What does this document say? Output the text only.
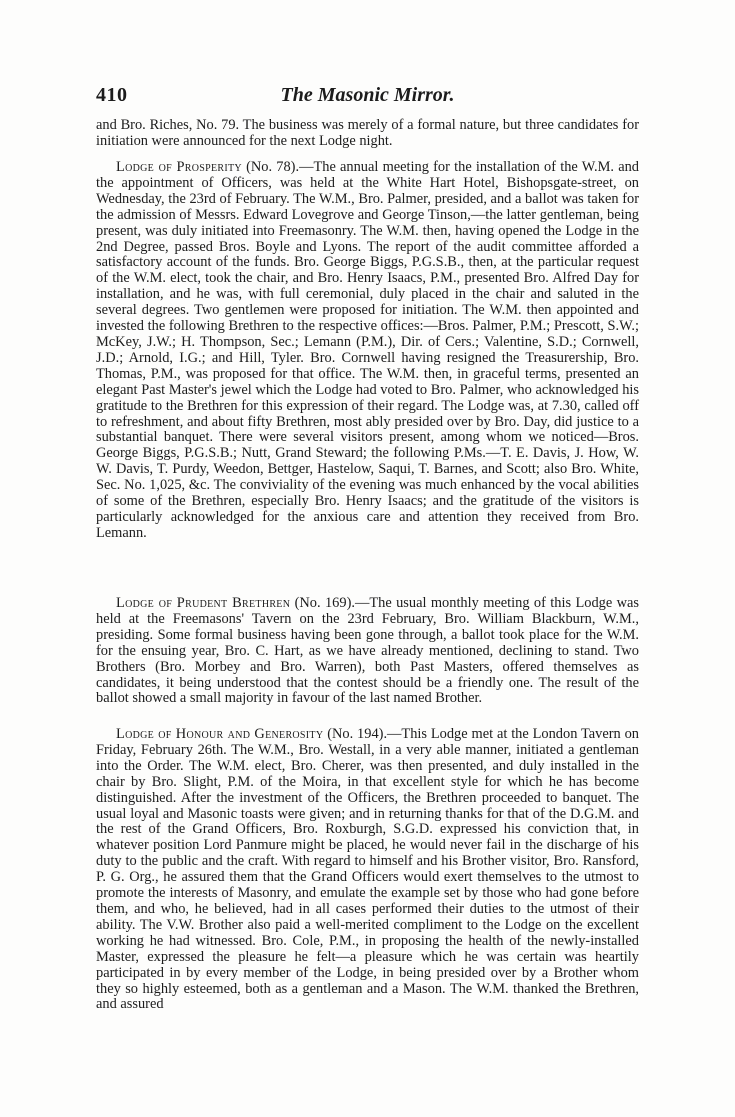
410	The Masonic Mirror.

and Bro. Riches, No. 79. The business was merely of a formal nature, but three candidates for initiation were announced for the next Lodge night.

Lodge of Prosperity (No. 78).—The annual meeting for the installation of the W.M. and the appointment of Officers, was held at the White Hart Hotel, Bishopsgate-street, on Wednesday, the 23rd of February. The W.M., Bro. Palmer, presided, and a ballot was taken for the admission of Messrs. Edward Lovegrove and George Tinson,—the latter gentleman, being present, was duly initiated into Freemasonry. The W.M. then, having opened the Lodge in the 2nd Degree, passed Bros. Boyle and Lyons. The report of the audit committee afforded a satisfactory account of the funds. Bro. George Biggs, P.G.S.B., then, at the particular request of the W.M. elect, took the chair, and Bro. Henry Isaacs, P.M., presented Bro. Alfred Day for installation, and he was, with full ceremonial, duly placed in the chair and saluted in the several degrees. Two gentlemen were proposed for initiation. The W.M. then appointed and invested the following Brethren to the respective offices:—Bros. Palmer, P.M.; Prescott, S.W.; McKey, J.W.; H. Thompson, Sec.; Lemann (P.M.), Dir. of Cers.; Valentine, S.D.; Cornwell, J.D.; Arnold, I.G.; and Hill, Tyler. Bro. Cornwell having resigned the Treasurership, Bro. Thomas, P.M., was proposed for that office. The W.M. then, in graceful terms, presented an elegant Past Master's jewel which the Lodge had voted to Bro. Palmer, who acknowledged his gratitude to the Brethren for this expression of their regard. The Lodge was, at 7.30, called off to refreshment, and about fifty Brethren, most ably presided over by Bro. Day, did justice to a substantial banquet. There were several visitors present, among whom we noticed—Bros. George Biggs, P.G.S.B.; Nutt, Grand Steward; the following P.Ms.—T. E. Davis, J. How, W. W. Davis, T. Purdy, Weedon, Bettger, Hastelow, Saqui, T. Barnes, and Scott; also Bro. White, Sec. No. 1,025, &c. The conviviality of the evening was much enhanced by the vocal abilities of some of the Brethren, especially Bro. Henry Isaacs; and the gratitude of the visitors is particularly acknowledged for the anxious care and attention they received from Bro. Lemann.

Lodge of Prudent Brethren (No. 169).—The usual monthly meeting of this Lodge was held at the Freemasons' Tavern on the 23rd February, Bro. William Blackburn, W.M., presiding. Some formal business having been gone through, a ballot took place for the W.M. for the ensuing year, Bro. C. Hart, as we have already mentioned, declining to stand. Two Brothers (Bro. Morbey and Bro. Warren), both Past Masters, offered themselves as candidates, it being understood that the contest should be a friendly one. The result of the ballot showed a small majority in favour of the last named Brother.

Lodge of Honour and Generosity (No. 194).—This Lodge met at the London Tavern on Friday, February 26th. The W.M., Bro. Westall, in a very able manner, initiated a gentleman into the Order. The W.M. elect, Bro. Cherer, was then presented, and duly installed in the chair by Bro. Slight, P.M. of the Moira, in that excellent style for which he has become distinguished. After the investment of the Officers, the Brethren proceeded to banquet. The usual loyal and Masonic toasts were given; and in returning thanks for that of the D.G.M. and the rest of the Grand Officers, Bro. Roxburgh, S.G.D. expressed his conviction that, in whatever position Lord Panmure might be placed, he would never fail in the discharge of his duty to the public and the craft. With regard to himself and his Brother visitor, Bro. Ransford, P. G. Org., he assured them that the Grand Officers would exert themselves to the utmost to promote the interests of Masonry, and emulate the example set by those who had gone before them, and who, he believed, had in all cases performed their duties to the utmost of their ability. The V.W. Brother also paid a well-merited compliment to the Lodge on the excellent working he had witnessed. Bro. Cole, P.M., in proposing the health of the newly-installed Master, expressed the pleasure he felt—a pleasure which he was certain was heartily participated in by every member of the Lodge, in being presided over by a Brother whom they so highly esteemed, both as a gentleman and a Mason. The W.M. thanked the Brethren, and assured
